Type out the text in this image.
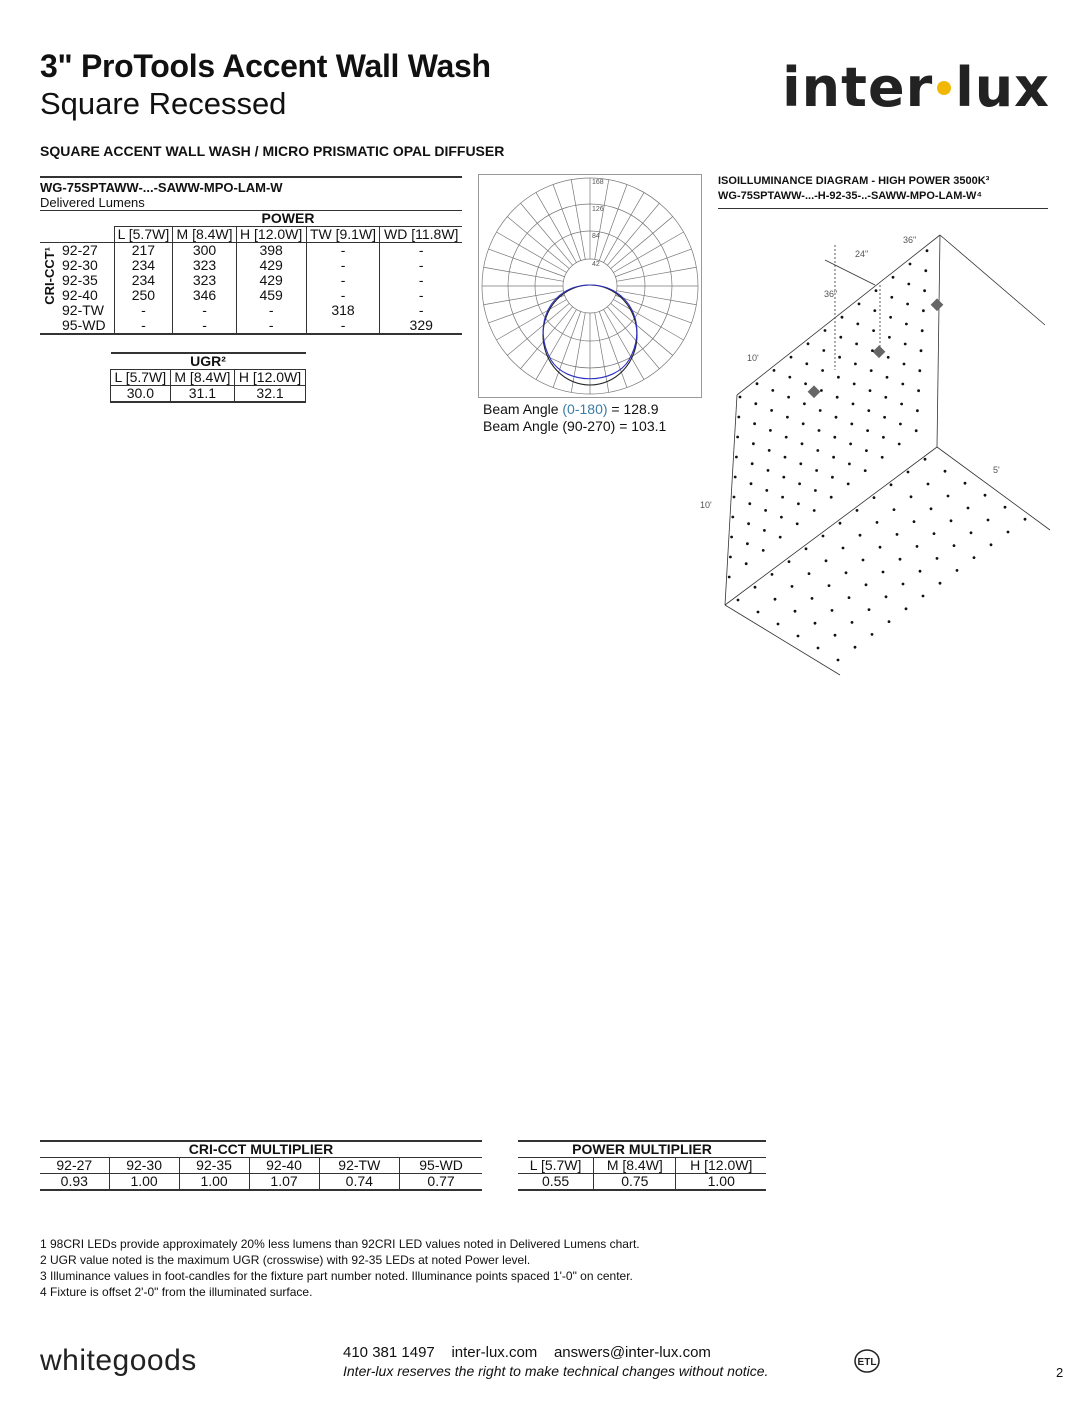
3" ProTools Accent Wall Wash
Square Recessed	inter lux
SQUARE ACCENT WALL WASH / MICRO PRISMATIC OPAL DIFFUSER
WG-75SPTAWW-...-SAWW-MPO-LAM-W
Delivered Lumens
	POWER				
	L [5.7W]	M [8.4W]	H [12.0W]	TW [9.1W]	WD [11.8W]

CRI-CCT¹ 92-27	217	300	398	-	-
92-30	234	323	429	-	-
92-35	234	323	429	-	-
92-40	250	346	459	-	-
92-TW	-	-	-	318	-
95-WD	-	-	-	-	329
UGR²		
L [5.7W]	M [8.4W]	H [12.0W]
30.0	31.1	32.1
168
126
84
42
Beam Angle (0-180) = 128.9
Beam Angle (90-270) = 103.1
ISOILLUMINANCE DIAGRAM - HIGH POWER 3500K³
WG-75SPTAWW-...-H-92-35-..-SAWW-MPO-LAM-W⁴
36"
24"
36"
10'
10'
5'
CRI-CCT MULTIPLIER					
92-27	92-30	92-35	92-40	92-TW	95-WD
0.93	1.00	1.00	1.07	0.74	0.77
POWER MULTIPLIER		
L [5.7W]	M [8.4W]	H [12.0W]
0.55	0.75	1.00
1 98CRI LEDs provide approximately 20% less lumens than 92CRI LED values noted in Delivered Lumens chart.
2 UGR value noted is the maximum UGR (crosswise) with 92-35 LEDs at noted Power level.
3 Illuminance values in foot-candles for the fixture part number noted. Illuminance points spaced 1'-0" on center.
4 Fixture is offset 2'-0" from the illuminated surface.
whitegoods	410 381 1497 inter-lux.com answers@inter-lux.com
Inter-lux reserves the right to make technical changes without notice.
ETL
2
